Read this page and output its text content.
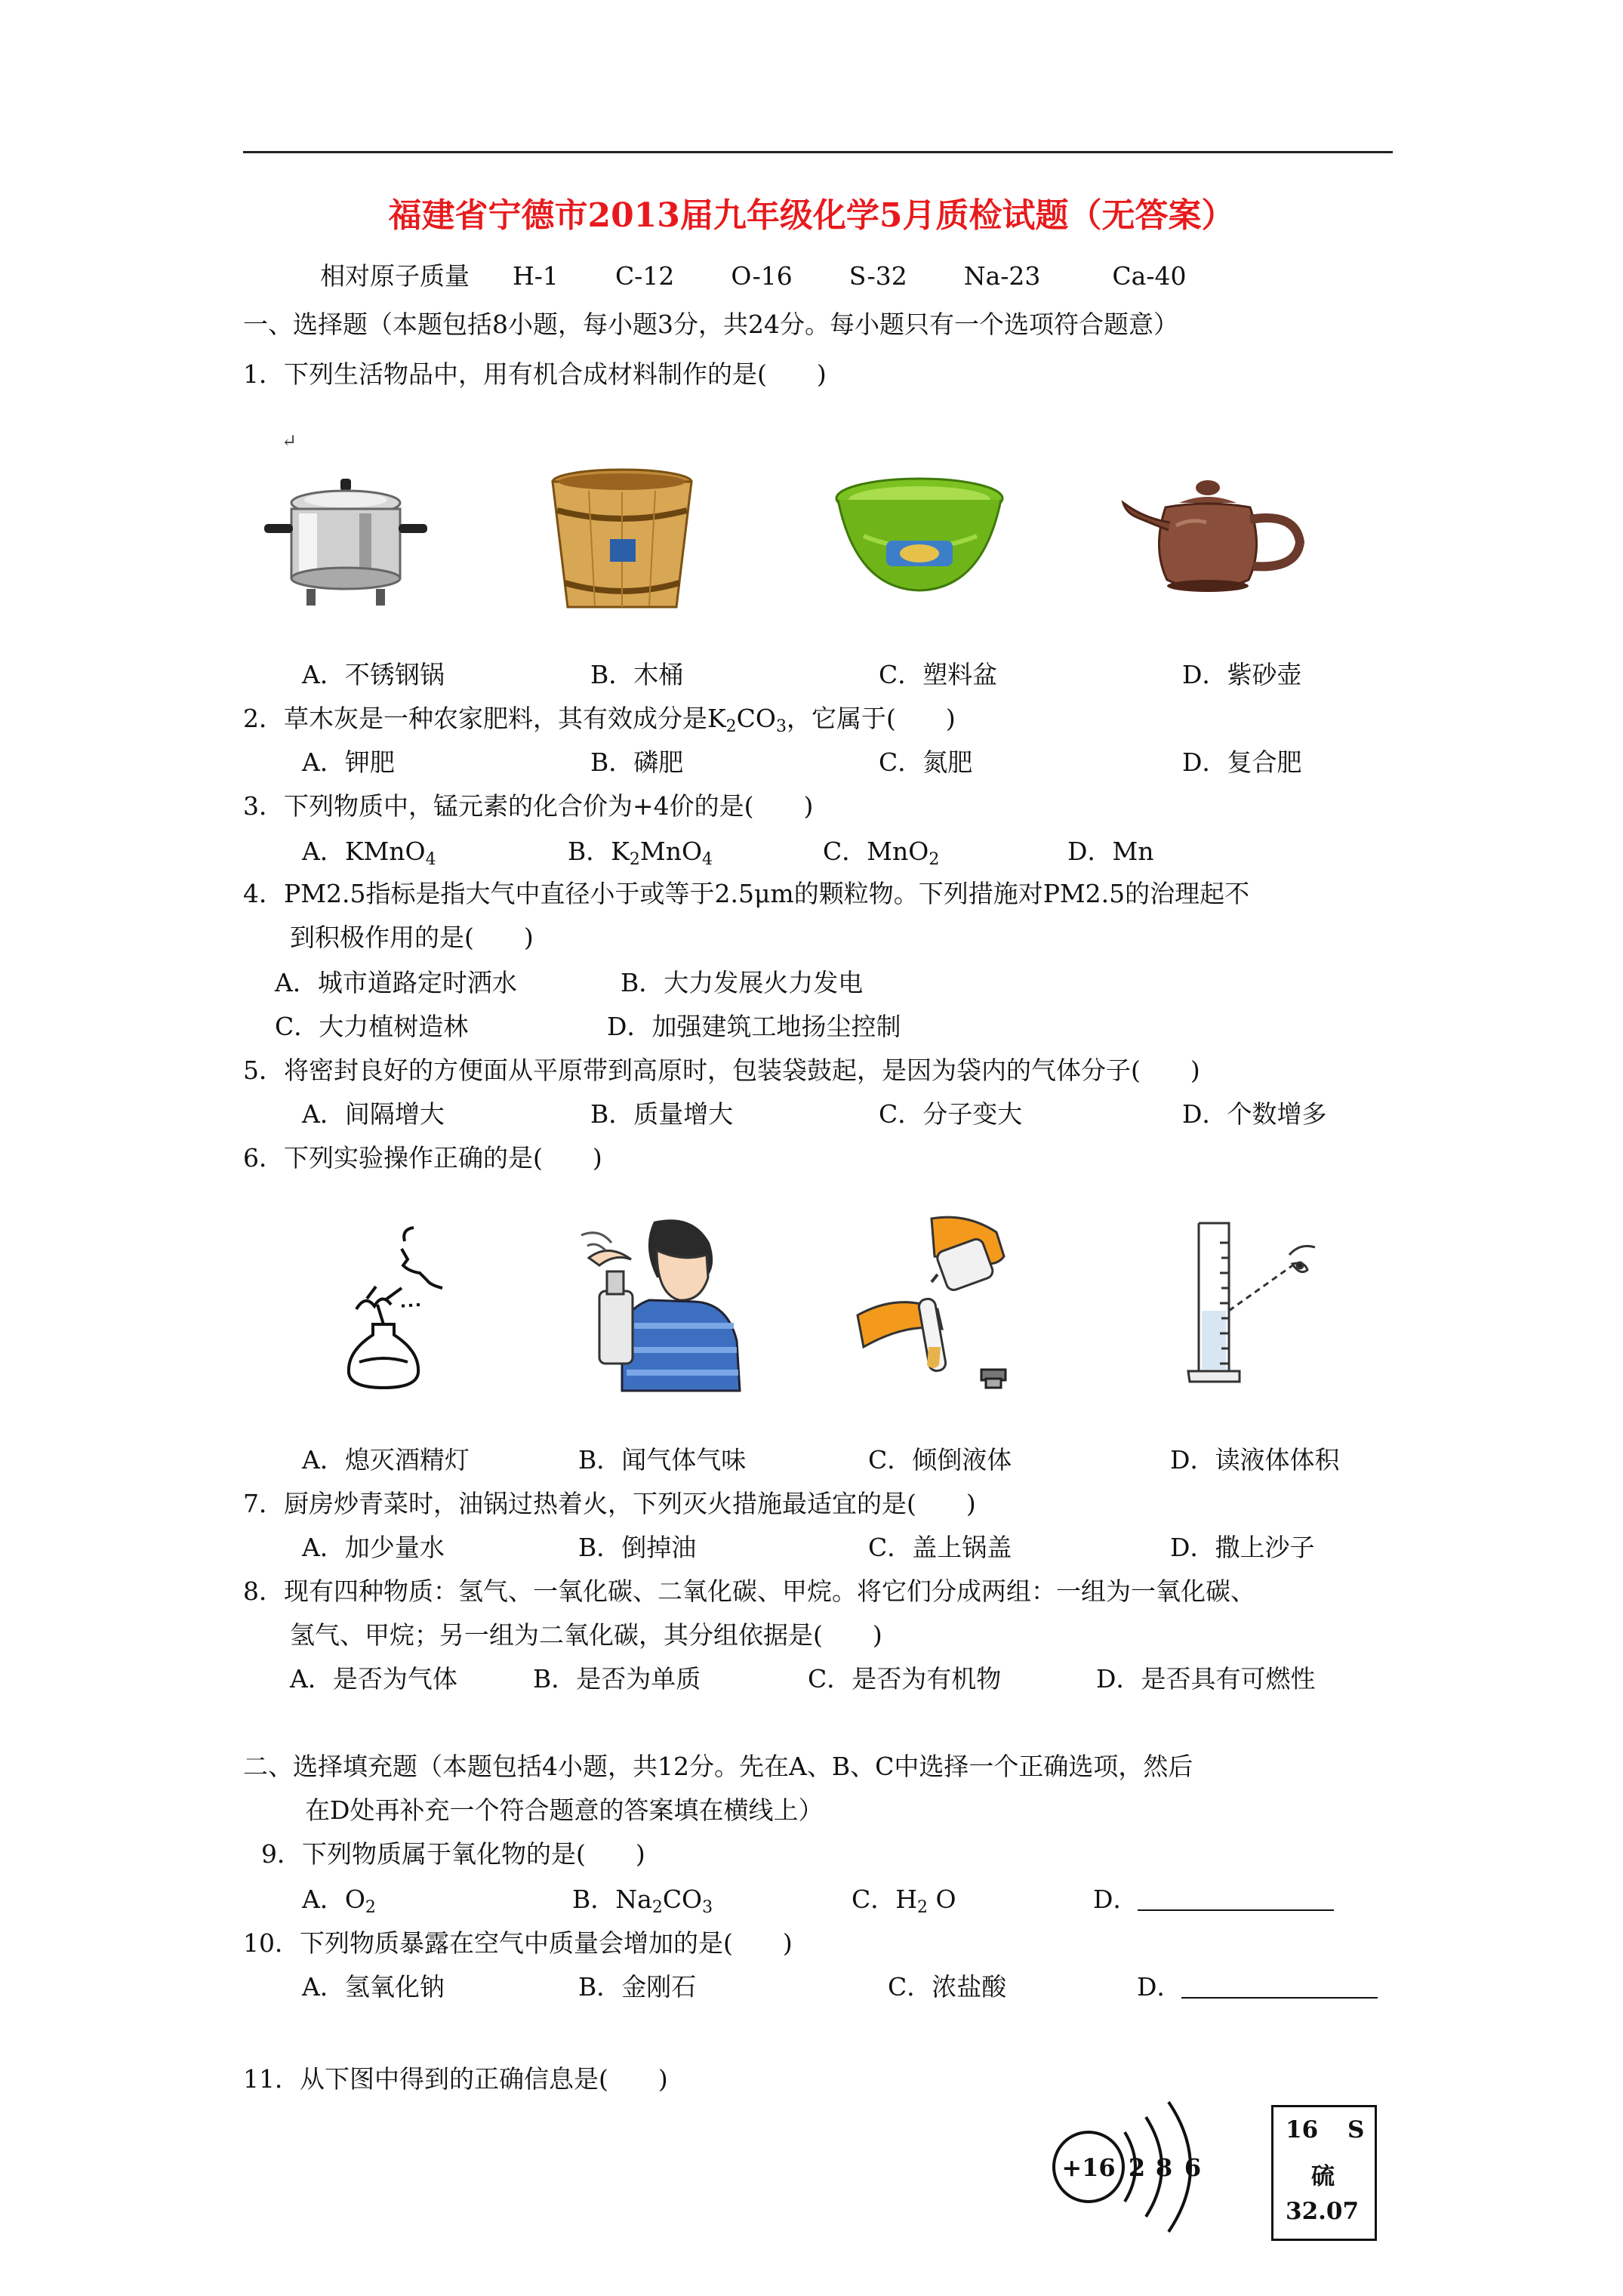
福建省宁德市2013届九年级化学5月质检试题（无答案）
相对原子质量 H-1 C-12 O-16 S-32 Na-23	Ca-40
一、选择题（本题包括8小题，每小题3分，共24分。每小题只有一个选项符合题意）
1．下列生活物品中，用有机合成材料制作的是(　　)
↵
A．不锈钢锅	B．木桶	C．塑料盆	D．紫砂壶
2．草木灰是一种农家肥料，其有效成分是$K_2CO_3$，它属于(　　)
A．钾肥	B．磷肥	C．氮肥	D．复合肥
3．下列物质中，锰元素的化合价为+4价的是(　　)
A．KMnO$_4$	B．$K_2MnO_4$	C．MnO$_2$	D．Mn
4．PM2.5指标是指大气中直径小于或等于2.5μm的颗粒物。下列措施对PM2.5的治理起不
到积极作用的是(　　)
A．城市道路定时洒水	B．大力发展火力发电
C．大力植树造林	D．加强建筑工地扬尘控制
5．将密封良好的方便面从平原带到高原时，包装袋鼓起，是因为袋内的气体分子(　　)
A．间隔增大	B．质量增大	C．分子变大	D．个数增多
6．下列实验操作正确的是(　　)
A．熄灭酒精灯	B．闻气体气味	C．倾倒液体	D．读液体体积
7．厨房炒青菜时，油锅过热着火，下列灭火措施最适宜的是(　　)
A．加少量水	B．倒掉油	C．盖上锅盖	D．撒上沙子
8．现有四种物质：氢气、一氧化碳、二氧化碳、甲烷。将它们分成两组：一组为一氧化碳、
氢气、甲烷；另一组为二氧化碳，其分组依据是(　　)
A．是否为气体	B．是否为单质	C．是否为有机物	D．是否具有可燃性
二、选择填充题（本题包括4小题，共12分。先在A、B、C中选择一个正确选项，然后
在D处再补充一个符合题意的答案填在横线上）
9．下列物质属于氧化物的是(　　)
A．$O_2$	B．$Na_2CO_3$	C．$H_2$ O	D．
10．下列物质暴露在空气中质量会增加的是(　　)
A．氢氧化钠	B．金刚石	C．浓盐酸	D．
11．从下图中得到的正确信息是(　　)
+16 2 8 6
16 S
硫
32.07
